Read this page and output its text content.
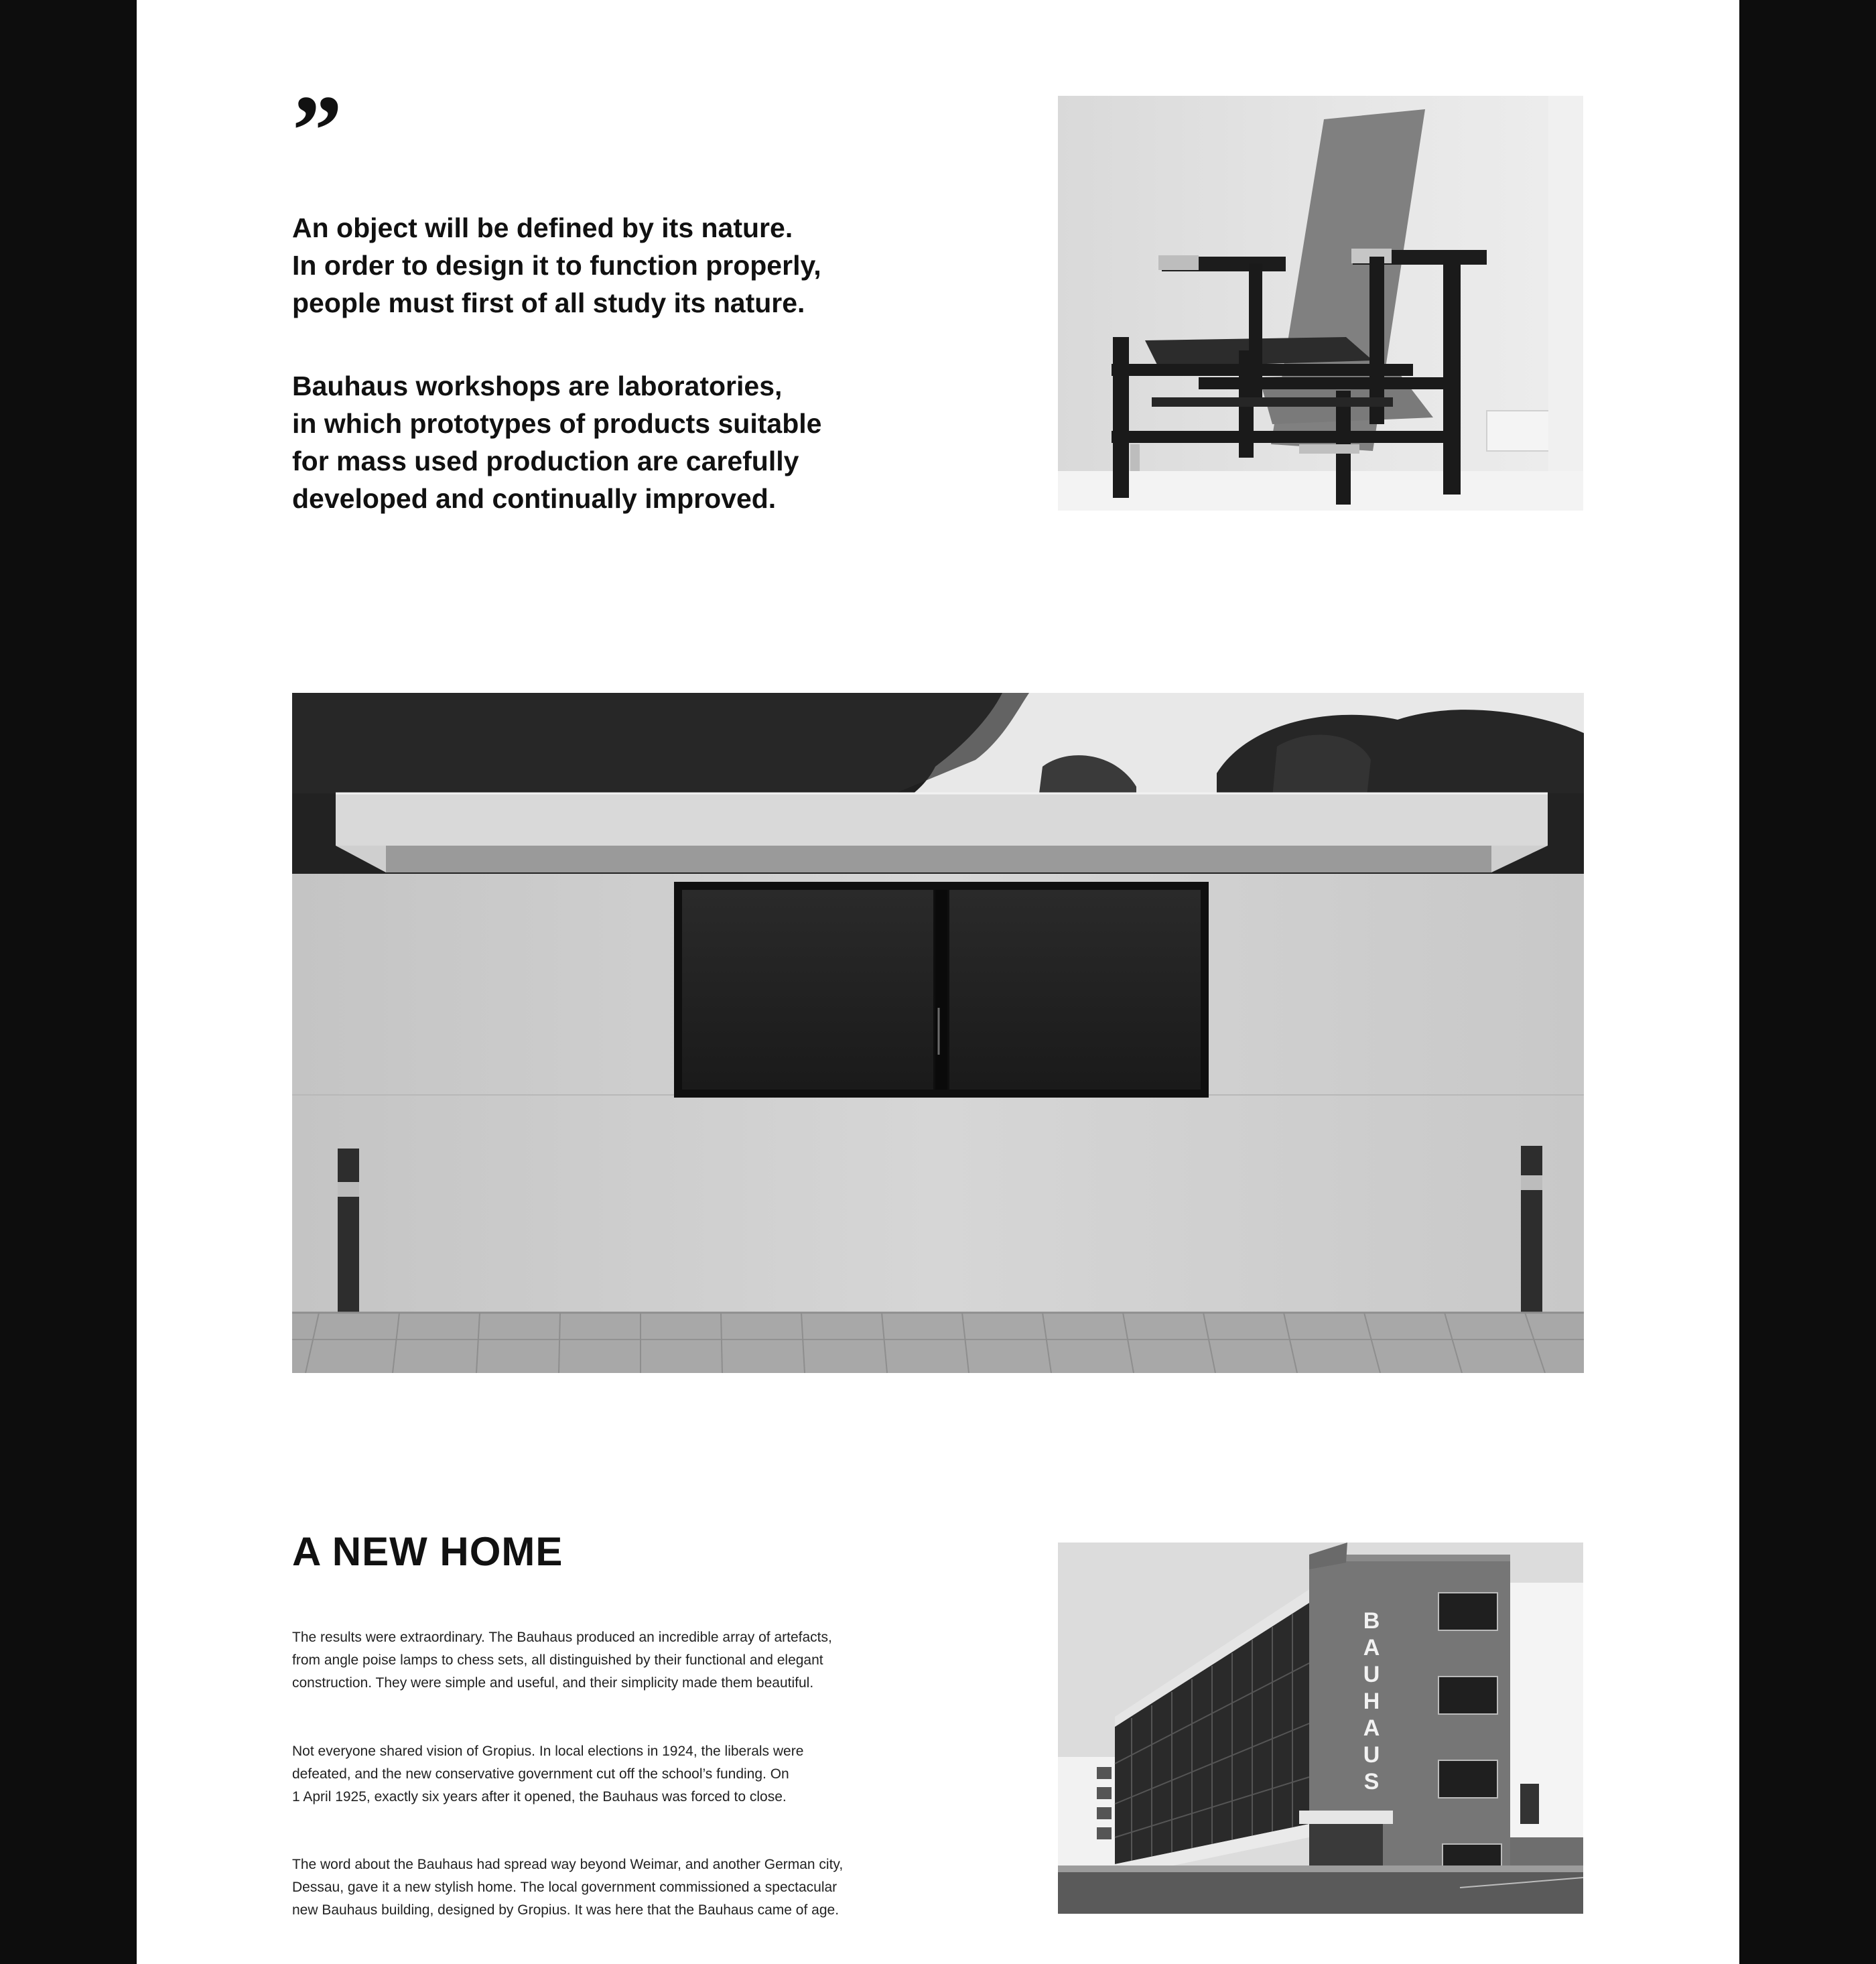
”

An object will be defined by its nature.
In order to design it to function properly,
people must first of all study its nature.

Bauhaus workshops are laboratories,
in which prototypes of products suitable
for mass used production are carefully
developed and continually improved.

A NEW HOME

The results were extraordinary. The Bauhaus produced an incredible array of artefacts,
from angle poise lamps to chess sets, all distinguished by their functional and elegant
construction. They were simple and useful, and their simplicity made them beautiful.

Not everyone shared vision of Gropius. In local elections in 1924, the liberals were
defeated, and the new conservative government cut off the school’s funding. On
1 April 1925, exactly six years after it opened, the Bauhaus was forced to close.

The word about the Bauhaus had spread way beyond Weimar, and another German city,
Dessau, gave it a new stylish home. The local government commissioned a spectacular
new Bauhaus building, designed by Gropius. It was here that the Bauhaus came of age.

B
A
U
H
A
U
S
